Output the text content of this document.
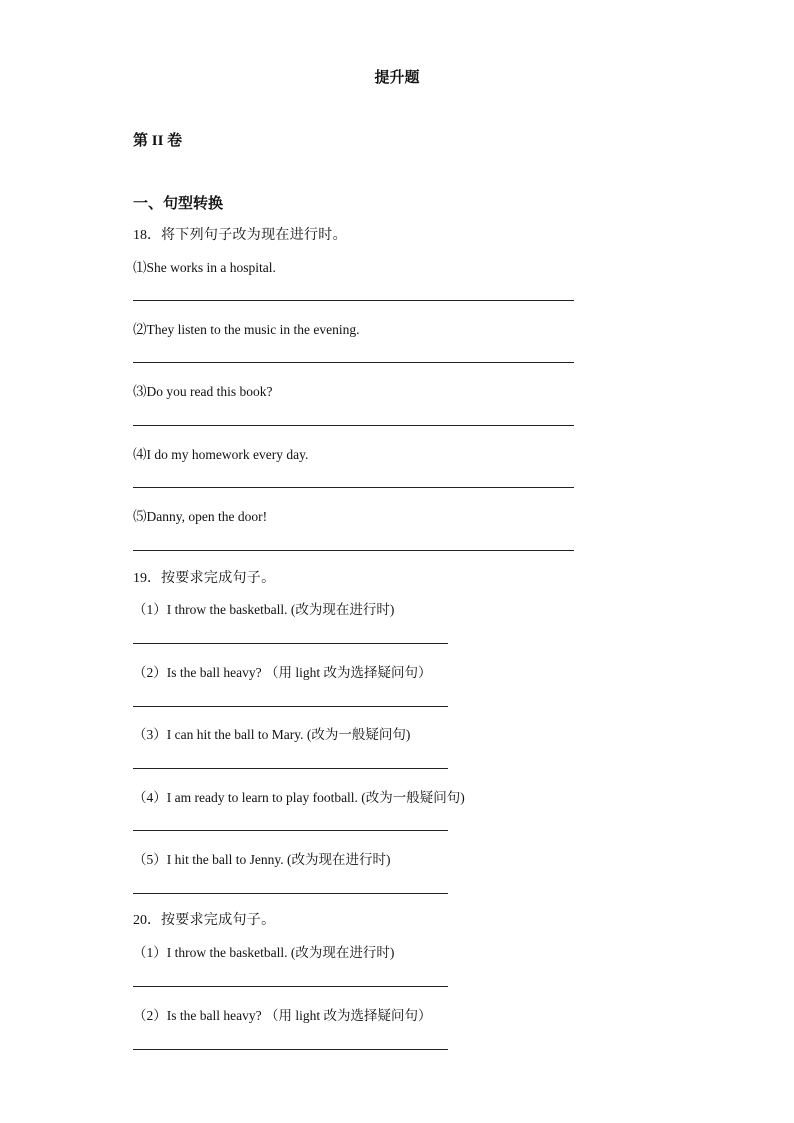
提升题
第 II 卷
一、句型转换
18．将下列句子改为现在进行时。
⑴She works in a hospital.
⑵They listen to the music in the evening.
⑶Do you read this book?
⑷I do my homework every day.
⑸Danny, open the door!
19．按要求完成句子。
（1）I throw the basketball. (改为现在进行时)
（2）Is the ball heavy? （用 light 改为选择疑问句）
（3）I can hit the ball to Mary. (改为一般疑问句)
（4）I am ready to learn to play football. (改为一般疑问句)
（5）I hit the ball to Jenny. (改为现在进行时)
20．按要求完成句子。
（1）I throw the basketball. (改为现在进行时)
（2）Is the ball heavy? （用 light 改为选择疑问句）
